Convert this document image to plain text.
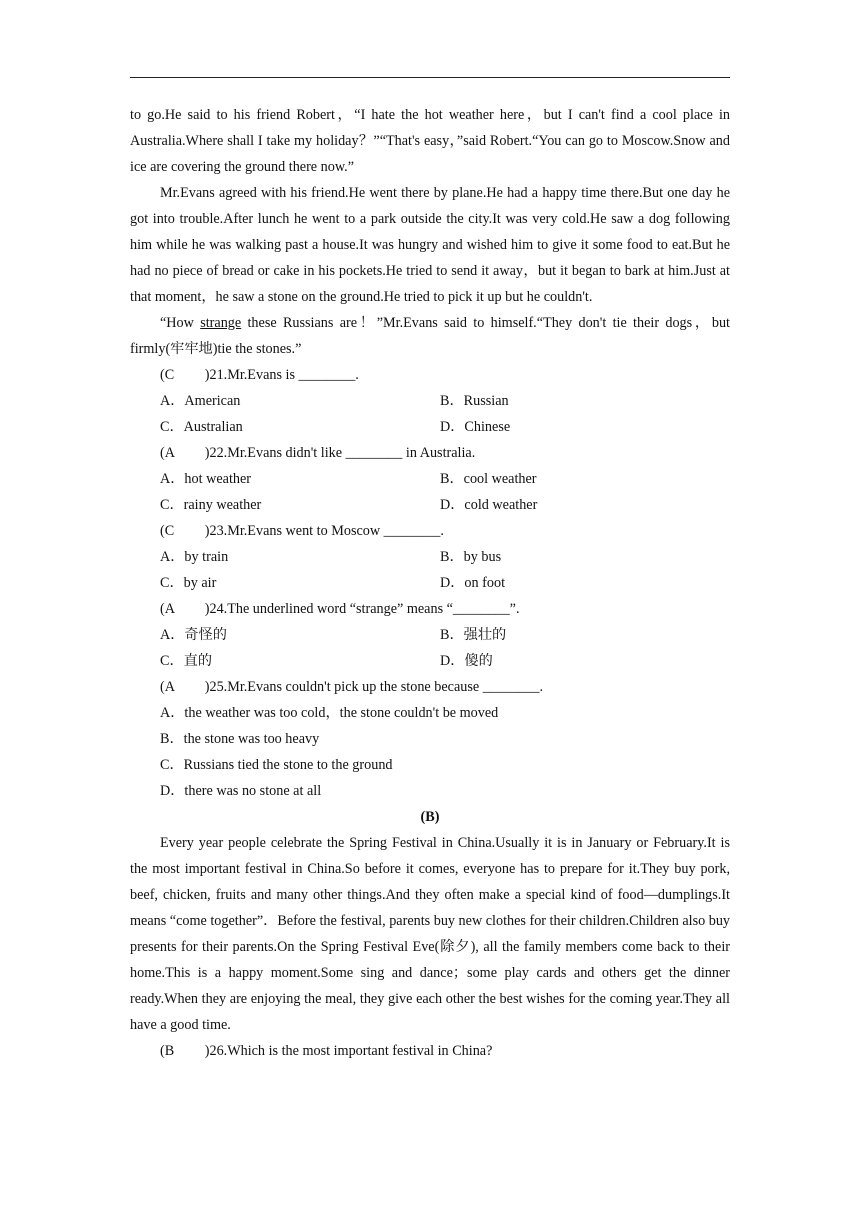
to go.He said to his friend Robert，“I hate the hot weather here，but I can't find a cool place in Australia.Where shall I take my holiday？”“That's easy，”said Robert.“You can go to Moscow.Snow and ice are covering the ground there now.”

Mr.Evans agreed with his friend.He went there by plane.He had a happy time there.But one day he got into trouble.After lunch he went to a park outside the city.It was very cold.He saw a dog following him while he was walking past a house.It was hungry and wished him to give it some food to eat.But he had no piece of bread or cake in his pockets.He tried to send it away，but it began to bark at him.Just at that moment，he saw a stone on the ground.He tried to pick it up but he couldn't.

“How strange these Russians are！”Mr.Evans said to himself.“They don't tie their dogs，but firmly(牢牢地)tie the stones.”

(C )21.Mr.Evans is ________.

A．American	B．Russian
C．Australian	D．Chinese

(A )22.Mr.Evans didn't like ________ in Australia.

A．hot weather	B．cool weather
C．rainy weather	D．cold weather

(C )23.Mr.Evans went to Moscow ________.

A．by train	B．by bus
C．by air	D．on foot

(A )24.The underlined word “strange” means “________”.

A．奇怪的	B．强壮的
C．直的	D．傻的

(A )25.Mr.Evans couldn't pick up the stone because ________.

A．the weather was too cold，the stone couldn't be moved
B．the stone was too heavy
C．Russians tied the stone to the ground
D．there was no stone at all

(B)

Every year people celebrate the Spring Festival in China.Usually it is in January or February.It is the most important festival in China.So before it comes, everyone has to prepare for it.They buy pork, beef, chicken, fruits and many other things.And they often make a special kind of food—dumplings.It means “come together”．Before the festival, parents buy new clothes for their children.Children also buy presents for their parents.On the Spring Festival Eve(除夕), all the family members come back to their home.This is a happy moment.Some sing and dance；some play cards and others get the dinner ready.When they are enjoying the meal, they give each other the best wishes for the coming year.They all have a good time.

(B )26.Which is the most important festival in China?
